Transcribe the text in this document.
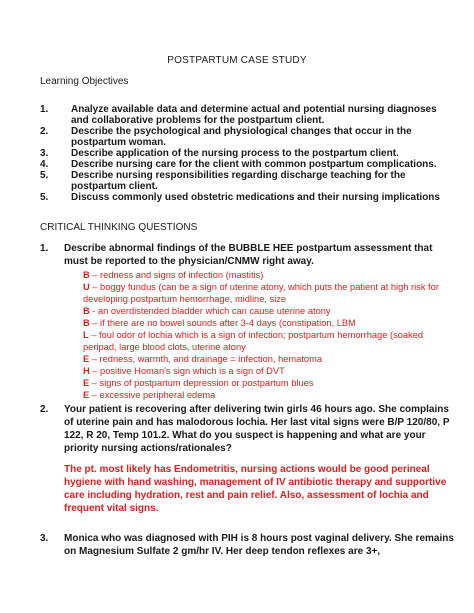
POSTPARTUM CASE STUDY
Learning Objectives
1. Analyze available data and determine actual and potential nursing diagnoses and collaborative problems for the postpartum client.
2. Describe the psychological and physiological changes that occur in the postpartum woman.
3. Describe application of the nursing process to the postpartum client.
4. Describe nursing care for the client with common postpartum complications.
5. Describe nursing responsibilities regarding discharge teaching for the postpartum client.
5. Discuss commonly used obstetric medications and their nursing implications
CRITICAL THINKING QUESTIONS
1. Describe abnormal findings of the BUBBLE HEE postpartum assessment that must be reported to the physician/CNMW right away.
B – redness and signs of infection (mastitis)
U – boggy fundus (can be a sign of uterine atony, which puts the patient at high risk for developing postpartum hemorrhage, midline, size
B - an overdistended bladder which can cause uterine atony
B – if there are no bowel sounds after 3-4 days (constipation, LBM
L – foul odor of lochia which is a sign of infection; postpartum hemorrhage (soaked peripad, large blood clots, uterine atony
E – redness, warmth, and drainage = infection, hematoma
H – positive Homan's sign which is a sign of DVT
E – signs of postpartum depression or postpartum blues
E – excessive peripheral edema
2. Your patient is recovering after delivering twin girls 46 hours ago. She complains of uterine pain and has malodorous lochia. Her last vital signs were B/P 120/80, P 122, R 20, Temp 101.2. What do you suspect is happening and what are your priority nursing actions/rationales?
The pt. most likely has Endometritis, nursing actions would be good perineal hygiene with hand washing, management of IV antibiotic therapy and supportive care including hydration, rest and pain relief. Also, assessment of lochia and frequent vital signs.
3. Monica who was diagnosed with PIH is 8 hours post vaginal delivery. She remains on Magnesium Sulfate 2 gm/hr IV. Her deep tendon reflexes are 3+,
